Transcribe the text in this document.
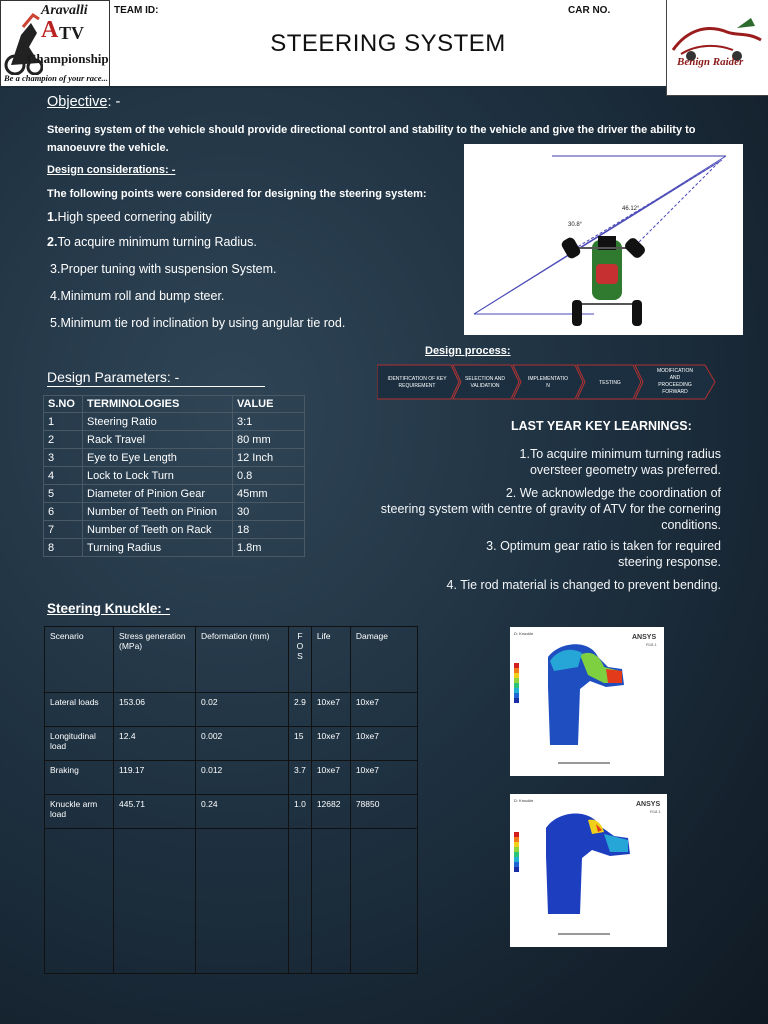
Aravalli
A TV
Championship
Be a champion of your race...
TEAM ID:	CAR NO.
STEERING SYSTEM
Benign Raider
Objective: -
Steering system of the vehicle should provide directional control and stability to the vehicle and give the driver the ability to manoeuvre the vehicle.
Design considerations: -
The following points were considered for designing the steering system:
1.High speed cornering ability
2.To acquire minimum turning Radius.
3.Proper tuning with suspension System.
4.Minimum roll and bump steer.
5.Minimum tie rod inclination by using angular tie rod.
30.8°
46.12°
Design process:
IDENTIFICATION OF KEY
REQUIREMENT
SELECTION AND
VALIDATION
IMPLEMENTATIO
N	TESTING
MODIFICATION
AND
PROCEEDING
FORWARD
Design Parameters: -
S.NO	TERMINOLOGIES	VALUE
1	Steering Ratio	3:1
2	Rack Travel	80 mm
3	Eye to Eye Length	12 Inch
4	Lock to Lock Turn	0.8
5	Diameter of Pinion Gear	45mm
6	Number of Teeth on Pinion	30
7	Number of Teeth on Rack	18
8	Turning Radius	1.8m
LAST YEAR KEY LEARNINGS:
1.To acquire minimum turning radius
oversteer geometry was preferred.
2. We acknowledge the coordination of
steering system with centre of gravity of ATV for the cornering
conditions.
3. Optimum gear ratio is taken for required
steering response.
4. Tie rod material is changed to prevent bending.
Steering Knuckle: -
Scenario	Stress generation (MPa)	Deformation (mm)	F O S	Life	Damage
Lateral loads	153.06	0.02	2.9	10xe7	10xe7
Longitudinal load	12.4	0.002	15	10xe7	10xe7
Braking	119.17	0.012	3.7	10xe7	10xe7
Knuckle arm load	445.71	0.24	1.0	12682	78850

D: Knuckle
ANSYS
R18.1
D: Knuckle
ANSYS
R18.1
